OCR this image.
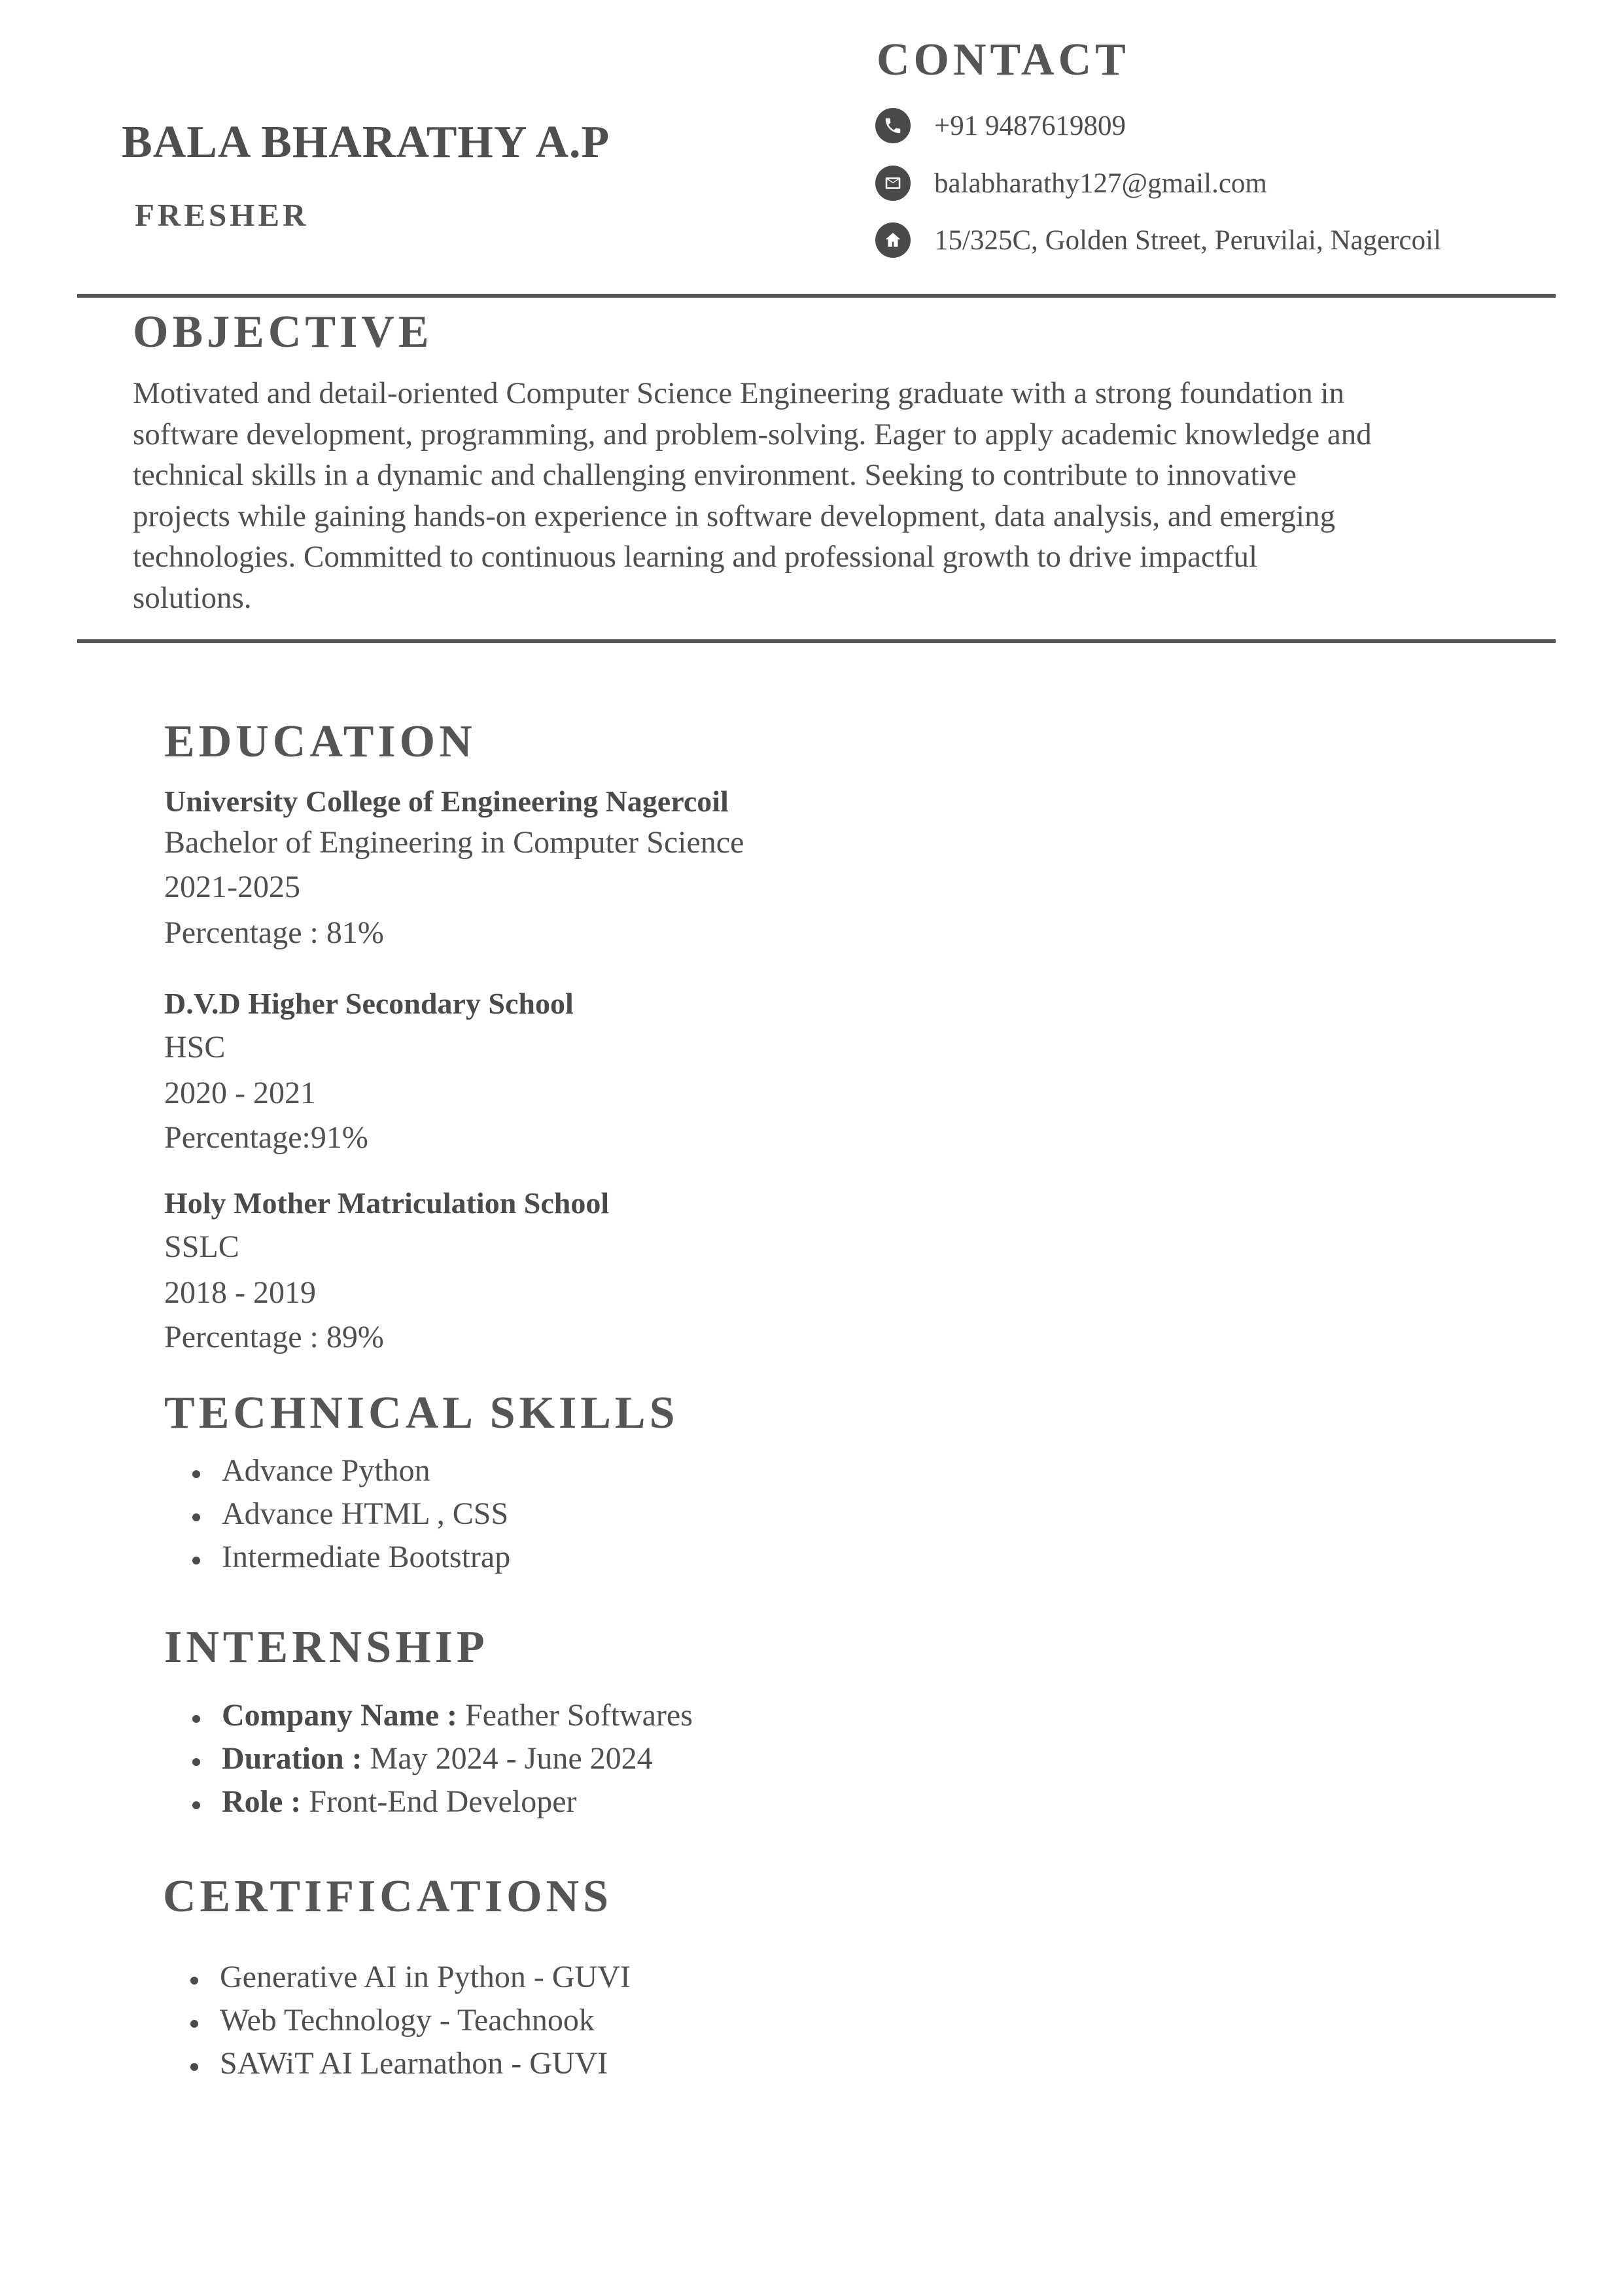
BALA BHARATHY A.P
FRESHER
CONTACT
+91 9487619809
balabharathy127@gmail.com
15/325C, Golden Street, Peruvilai, Nagercoil
OBJECTIVE
Motivated and detail-oriented Computer Science Engineering graduate with a strong foundation in
software development, programming, and problem-solving. Eager to apply academic knowledge and
technical skills in a dynamic and challenging environment. Seeking to contribute to innovative
projects while gaining hands-on experience in software development, data analysis, and emerging
technologies. Committed to continuous learning and professional growth to drive impactful
solutions.
EDUCATION
University College of Engineering Nagercoil
Bachelor of Engineering in Computer Science
2021-2025
Percentage : 81%
D.V.D Higher Secondary School
HSC
2020 - 2021
Percentage:91%
Holy Mother Matriculation School
SSLC
2018 - 2019
Percentage : 89%
TECHNICAL SKILLS
Advance Python
Advance HTML , CSS
Intermediate Bootstrap
INTERNSHIP
Company Name : Feather Softwares
Duration : May 2024 - June 2024
Role : Front-End Developer
CERTIFICATIONS
Generative AI in Python - GUVI
Web Technology - Teachnook
SAWiT AI Learnathon - GUVI
